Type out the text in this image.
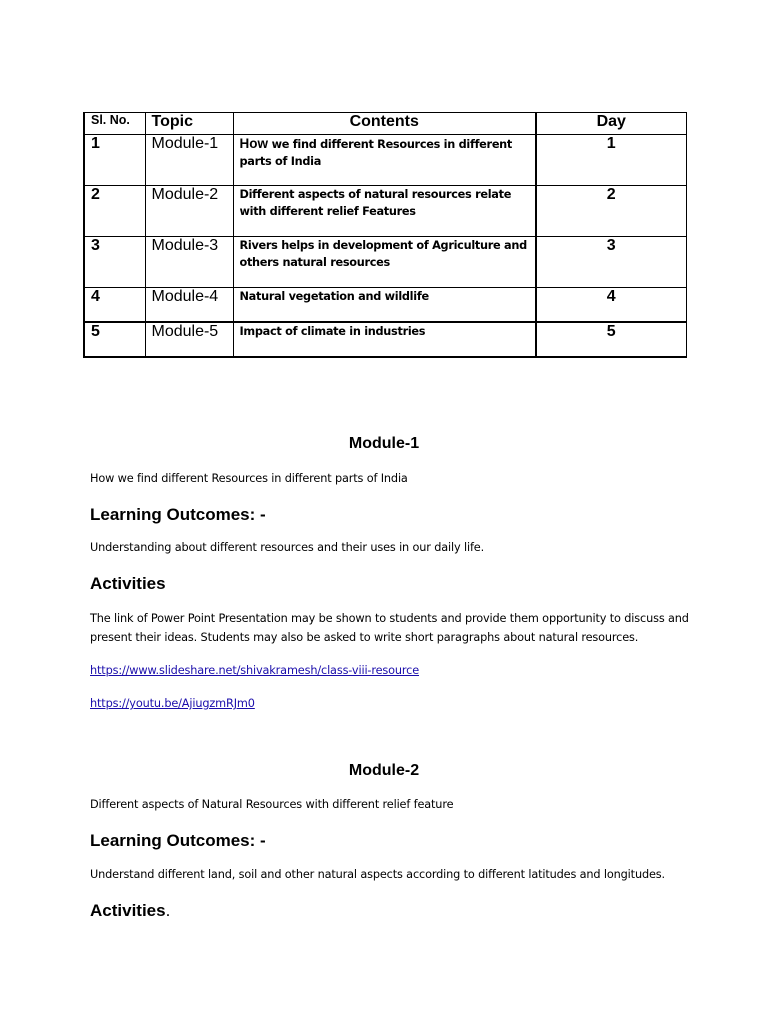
Sl. No.	Topic	Contents	Day
1	Module-1	How we find different Resources in different parts of India	1
2	Module-2	Different aspects of natural resources relate with different relief Features	2
3	Module-3	Rivers helps in development of Agriculture and others natural resources	3
4	Module-4	Natural vegetation and wildlife	4
5	Module-5	Impact of climate in industries	5
Module-1
How we find different Resources in different parts of India
Learning Outcomes: -
Understanding about different resources and their uses in our daily life.
Activities
The link of Power Point Presentation may be shown to students and provide them opportunity to discuss and present their ideas. Students may also be asked to write short paragraphs about natural resources.
https://www.slideshare.net/shivakramesh/class-viii-resource
https://youtu.be/AjiugzmRJm0
Module-2
Different aspects of Natural Resources with different relief feature
Learning Outcomes: -
Understand different land, soil and other natural aspects according to different latitudes and longitudes.
Activities.
